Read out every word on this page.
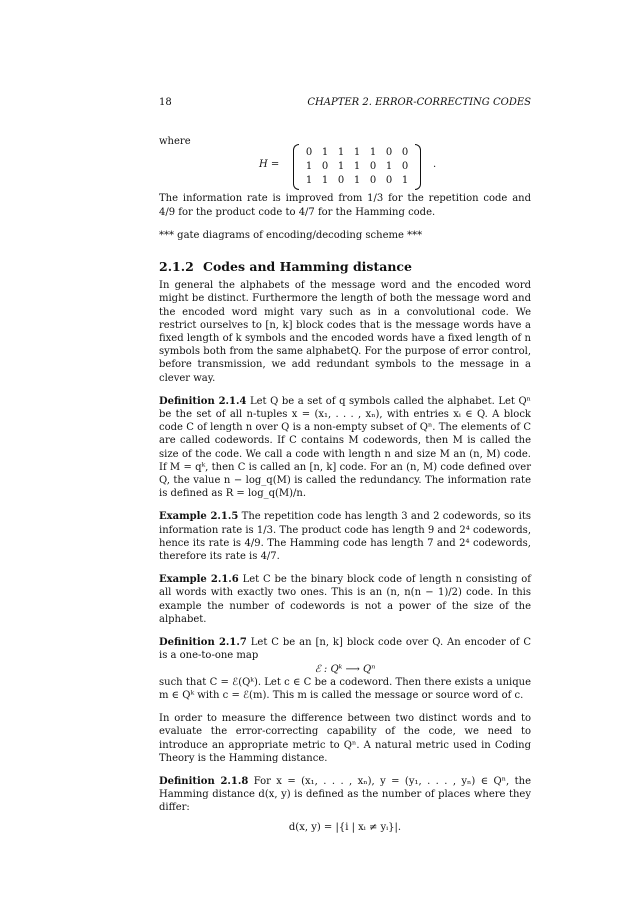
18	CHAPTER 2. ERROR-CORRECTING CODES

where

H =
0 1 1 1 1 0 0
1 0 1 1 0 1 0
1 1 0 1 0 0 1
.

The information rate is improved from 1/3 for the repetition code and 4/9 for the product code to 4/7 for the Hamming code.

*** gate diagrams of encoding/decoding scheme ***

2.1.2 Codes and Hamming distance

In general the alphabets of the message word and the encoded word might be distinct. Furthermore the length of both the message word and the encoded word might vary such as in a convolutional code. We restrict ourselves to [n, k] block codes that is the message words have a fixed length of k symbols and the encoded words have a fixed length of n symbols both from the same alphabetQ. For the purpose of error control, before transmission, we add redundant symbols to the message in a clever way.

Definition 2.1.4 Let Q be a set of q symbols called the alphabet. Let Qⁿ be the set of all n-tuples x = (x₁, . . . , xₙ), with entries xᵢ ∈ Q. A block code C of length n over Q is a non-empty subset of Qⁿ. The elements of C are called codewords. If C contains M codewords, then M is called the size of the code. We call a code with length n and size M an (n, M) code. If M = qᵏ, then C is called an [n, k] code. For an (n, M) code defined over Q, the value n − log_q(M) is called the redundancy. The information rate is defined as R = log_q(M)/n.

Example 2.1.5 The repetition code has length 3 and 2 codewords, so its information rate is 1/3. The product code has length 9 and 2⁴ codewords, hence its rate is 4/9. The Hamming code has length 7 and 2⁴ codewords, therefore its rate is 4/7.

Example 2.1.6 Let C be the binary block code of length n consisting of all words with exactly two ones. This is an (n, n(n − 1)/2) code. In this example the number of codewords is not a power of the size of the alphabet.

Definition 2.1.7 Let C be an [n, k] block code over Q. An encoder of C is a one-to-one map

ℰ : Qᵏ ⟶ Qⁿ

such that C = ℰ(Qᵏ). Let c ∈ C be a codeword. Then there exists a unique m ∈ Qᵏ with c = ℰ(m). This m is called the message or source word of c.

In order to measure the difference between two distinct words and to evaluate the error-correcting capability of the code, we need to introduce an appropriate metric to Qⁿ. A natural metric used in Coding Theory is the Hamming distance.

Definition 2.1.8 For x = (x₁, . . . , xₙ), y = (y₁, . . . , yₙ) ∈ Qⁿ, the Hamming distance d(x, y) is defined as the number of places where they differ:

d(x, y) = |{i | xᵢ ≠ yᵢ}|.
